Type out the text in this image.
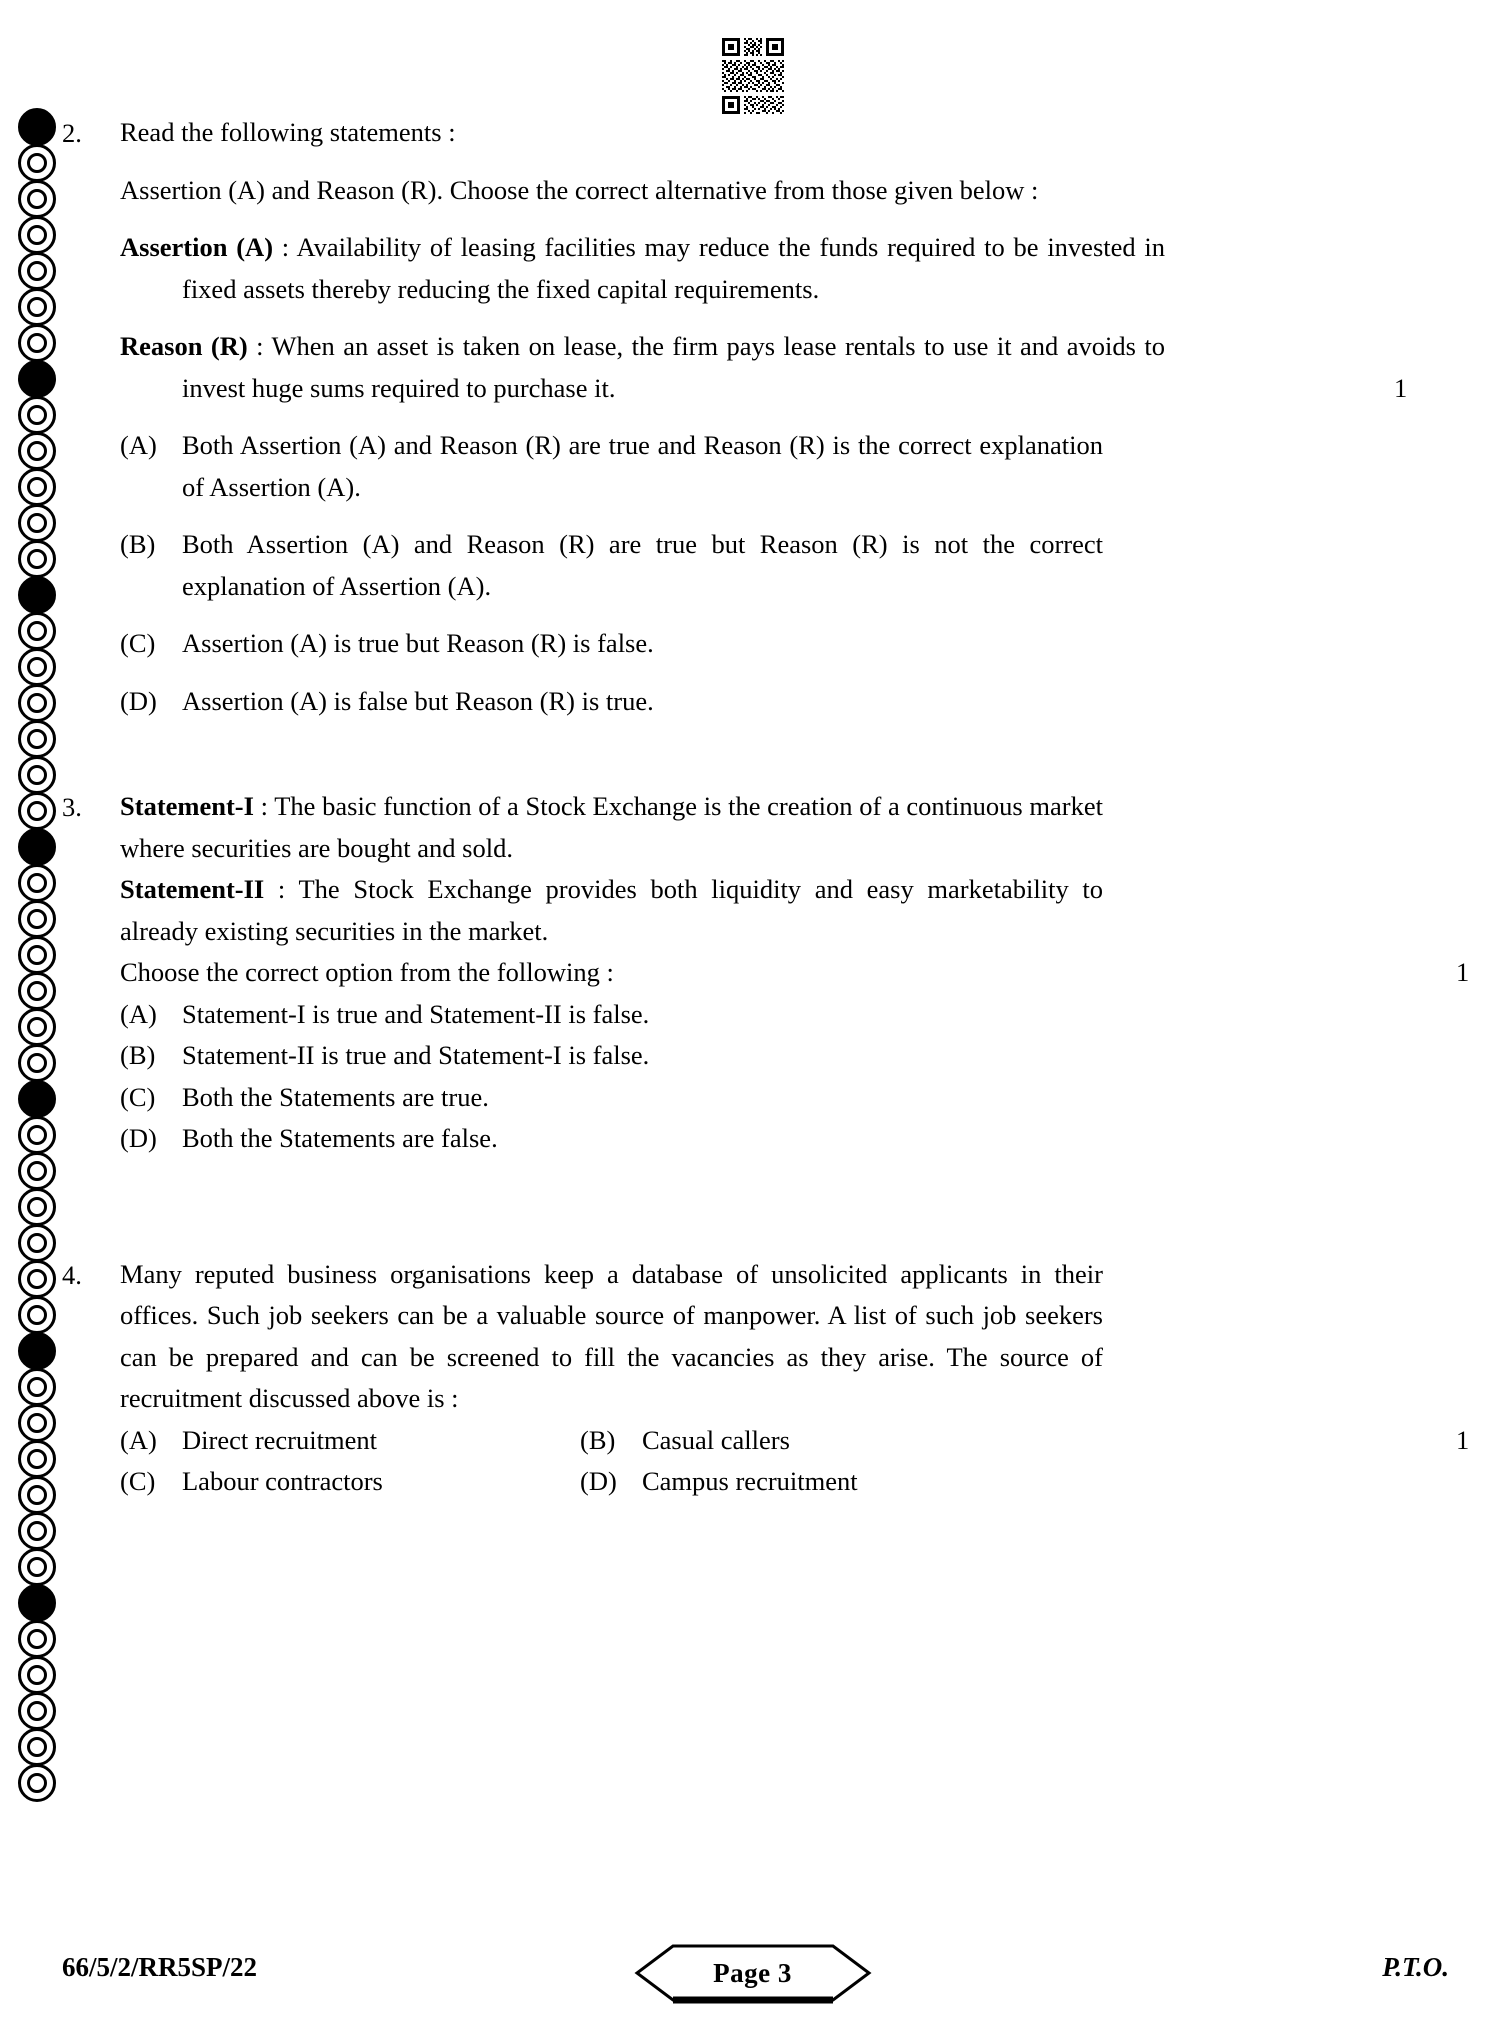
2.	Read the following statements :

Assertion (A) and Reason (R). Choose the correct alternative from those given below :

Assertion (A) : Availability of leasing facilities may reduce the funds required to be invested in fixed assets thereby reducing the fixed capital requirements.

Reason (R) : When an asset is taken on lease, the firm pays lease rentals to use it and avoids to invest huge sums required to purchase it.	1

(A) Both Assertion (A) and Reason (R) are true and Reason (R) is the correct explanation of Assertion (A).
(B)	Both Assertion (A) and Reason (R) are true but Reason (R) is not the correct explanation of Assertion (A).
(C)	Assertion (A) is true but Reason (R) is false.
(D) Assertion (A) is false but Reason (R) is true.
3.	Statement-I : The basic function of a Stock Exchange is the creation of a continuous market where securities are bought and sold.

Statement-II : The Stock Exchange provides both liquidity and easy marketability to already existing securities in the market.

Choose the correct option from the following :	1

(A) Statement-I is true and Statement-II is false.
(B)	Statement-II is true and Statement-I is false.
(C)	Both the Statements are true.
(D) Both the Statements are false.
4.	Many reputed business organisations keep a database of unsolicited applicants in their offices. Such job seekers can be a valuable source of manpower. A list of such job seekers can be prepared and can be screened to fill the vacancies as they arise. The source of recruitment discussed above is :
1

(A) Direct recruitment	(B)	Casual callers
(C)	Labour contractors	(D) Campus recruitment
66/5/2/RR5SP/22	Page 3	P.T.O.
